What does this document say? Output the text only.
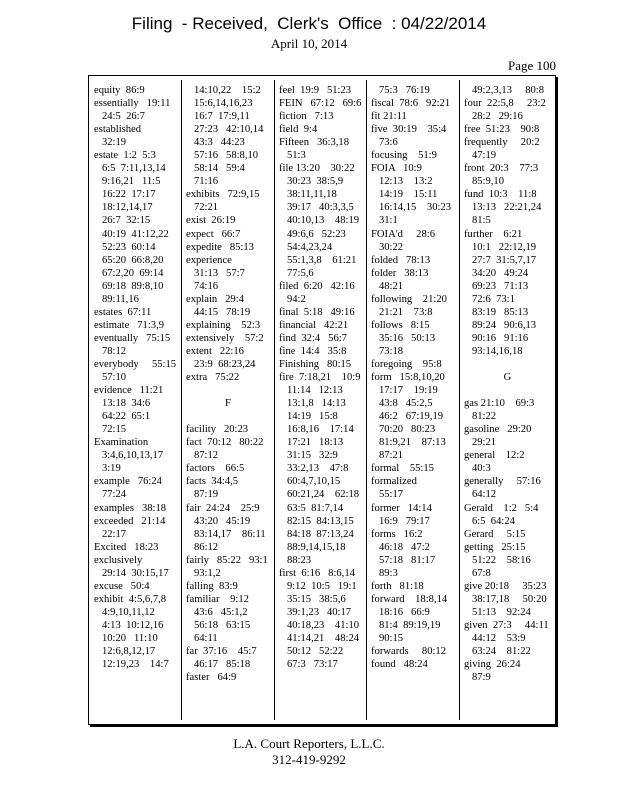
Filing  - Received,  Clerk's  Office  : 04/22/2014
April 10, 2014
Page 100
equity  86:9
essentially   19:11
24:5  26:7
established
32:19
estate  1:2  5:3
6:5  7:11,13,14
9:16,21   11:5
16:22  17:17
18:12,14,17
26:7  32:15
40:19  41:12,22
52:23  60:14
65:20  66:8,20
67:2,20  69:14
69:18  89:8,10
89:11,16
estates  67:11
estimate   71:3,9
eventually   75:15
78:12
everybody     55:15
57:10
evidence   11:21
13:18  34:6
64:22  65:1
72:15
Examination
3:4,6,10,13,17
3:19
example   76:24
77:24
examples   38:18
exceeded   21:14
22:17
Excited   18:23
exclusively
29:14  30:15,17
excuse   50:4
exhibit  4:5,6,7,8
4:9,10,11,12
4:13  10:12,16
10:20   11:10
12:6,8,12,17
12:19,23    14:7
14:10,22    15:2
15:6,14,16,23
16:7  17:9,11
27:23   42:10,14
43:3   44:23
57:16   58:8,10
58:14   59:4
71:16
exhibits   72:9,15
72:21
exist  26:19
expect   66:7
expedite   85:13
experience
31:13   57:7
74:16
explain   29:4
44:15   78:19
explaining    52:3
extensively    57:2
extent   22:16
23:9  68:23,24
extra   75:22
F
facility   20:23
fact  70:12   80:22
87:12
factors    66:5
facts  34:4,5
87:19
fair  24:24    25:9
43:20   45:19
83:14,17    86:11
86:12
fairly   85:22   93:1
93:1,2
falling  83:9
familiar    9:12
43:6   45:1,2
56:18   63:15
64:11
far  37:16    45:7
46:17   85:18
faster   64:9
feel  19:9   51:23
FEIN   67:12   69:6
fiction   7:13
field  9:4
Fifteen   36:3,18
51:3
file 13:20    30:22
30:23  38:5,9
38:11,11,18
39:17   40:3,3,5
40:10,13    48:19
49:6,6   52:23
54:4,23,24
55:1,3,8    61:21
77:5,6
filed  6:20   42:16
94:2
final  5:18   49:16
financial   42:21
find  32:4   56:7
fine  14:4   35:8
Finishing   80:15
fire  7:18,21    10:9
11:14   12:13
13:1,8   14:13
14:19   15:8
16:8,16    17:14
17:21   18:13
31:15   32:9
33:2,13    47:8
60:4,7,10,15
60:21,24    62:18
63:5  81:7,14
82:15  84:13,15
84:18  87:13,24
88:9,14,15,18
88:23
first  6:16   8:6,14
9:12  10:5   19:1
35:15   38:5,6
39:1,23   40:17
40:18,23    41:10
41:14,21    48:24
50:12   52:22
67:3   73:17
75:3   76:19
fiscal  78:6   92:21
fit 21:11
five  30:19    35:4
73:6
focusing    51:9
FOIA   10:9
12:13    13:2
14:19    15:11
16:14,15    30:23
31:1
FOIA'd     28:6
30:22
folded   78:13
folder   38:13
48:21
following    21:20
21:21    73:8
follows   8:15
35:16   50:13
73:18
foregoing    95:8
form   15:8,10,20
17:17    19:19
43:8   45:2,5
46:2   67:19,19
70:20   80:23
81:9,21    87:13
87:21
formal    55:15
formalized
55:17
former   14:14
16:9   79:17
forms   16:2
46:18   47:2
57:18   81:17
89:3
forth   81:18
forward    18:8,14
18:16   66:9
81:4  89:19,19
90:15
forwards     80:12
found   48:24
49:2,3,13     80:8
four  22:5,8     23:2
28:2   29:16
free  51:23    90:8
frequently     20:2
47:19
front  20:3    77:3
85:9,10
fund  10:3    11:8
13:13   22:21,24
81:5
further    6:21
10:1   22:12,19
27:7  31:5,7,17
34:20   49:24
69:23   71:13
72:6  73:1
83:19   85:13
89:24   90:6,13
90:16   91:16
93:14,16,18
G
gas 21:10    69:3
81:22
gasoline   29:20
29:21
general    12:2
40:3
generally     57:16
64:12
Gerald    1:2   5:4
6:5  64:24
Gerard     5:15
getting   25:15
51:22    58:16
67:8
give 20:18     35:23
38:17,18     50:20
51:13    92:24
given  27:3     44:11
44:12    53:9
63:24    81:22
giving  26:24
87:9
L.A. Court Reporters, L.L.C.
312-419-9292
